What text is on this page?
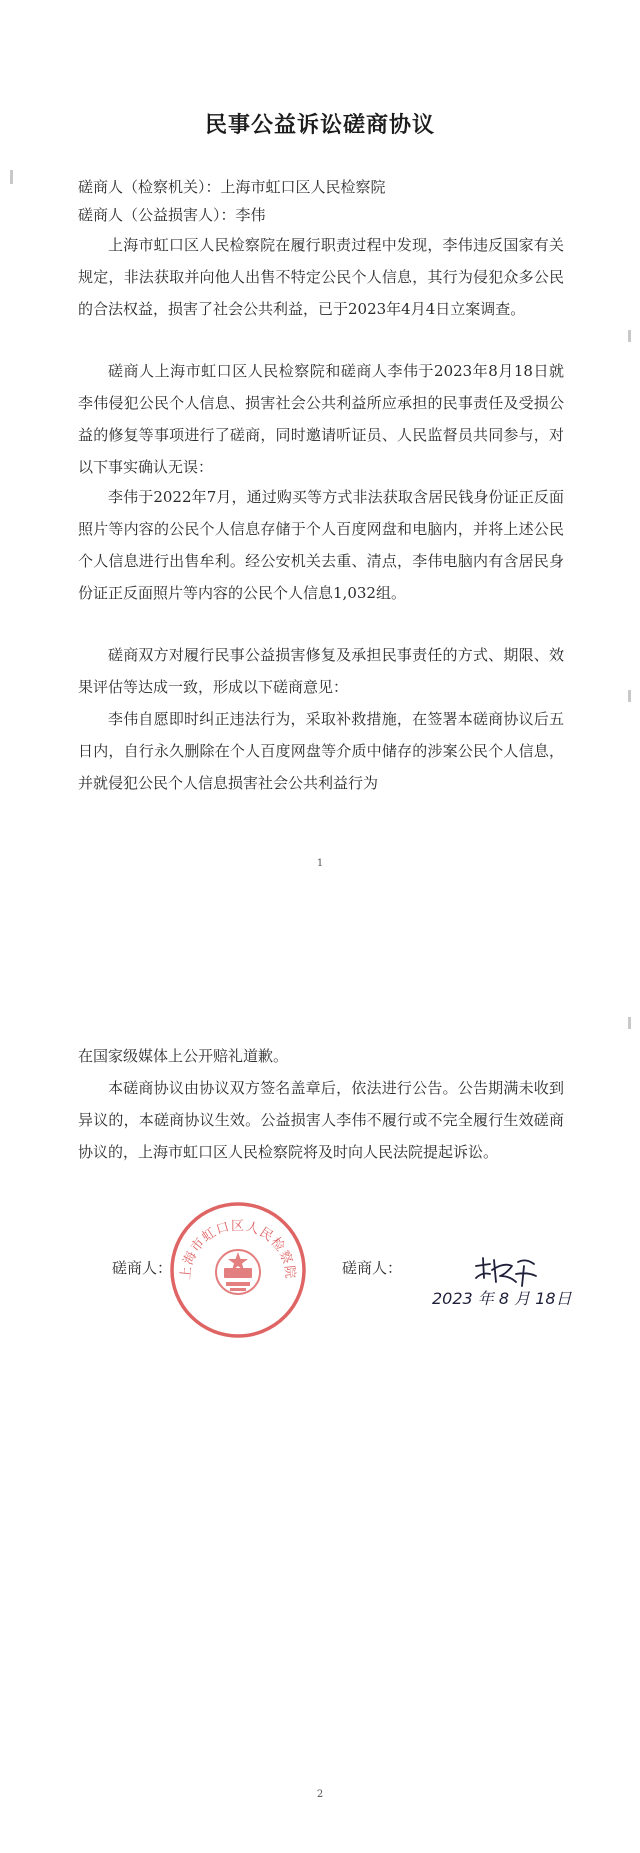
民事公益诉讼磋商协议
磋商人（检察机关）：上海市虹口区人民检察院
磋商人（公益损害人）：李伟

上海市虹口区人民检察院在履行职责过程中发现，李伟违反国家有关规定，非法获取并向他人出售不特定公民个人信息，其行为侵犯众多公民的合法权益，损害了社会公共利益，已于2023年4月4日立案调查。

磋商人上海市虹口区人民检察院和磋商人李伟于2023年8月18日就李伟侵犯公民个人信息、损害社会公共利益所应承担的民事责任及受损公益的修复等事项进行了磋商，同时邀请听证员、人民监督员共同参与，对以下事实确认无误：

李伟于2022年7月，通过购买等方式非法获取含居民钱身份证正反面照片等内容的公民个人信息存储于个人百度网盘和电脑内，并将上述公民个人信息进行出售牟利。经公安机关去重、清点，李伟电脑内有含居民身份证正反面照片等内容的公民个人信息1,032组。

磋商双方对履行民事公益损害修复及承担民事责任的方式、期限、效果评估等达成一致，形成以下磋商意见：

李伟自愿即时纠正违法行为，采取补救措施，在签署本磋商协议后五日内，自行永久删除在个人百度网盘等介质中储存的涉案公民个人信息，并就侵犯公民个人信息损害社会公共利益行为

1
2

在国家级媒体上公开赔礼道歉。

本磋商协议由协议双方签名盖章后，依法进行公告。公告期满未收到异议的，本磋商协议生效。公益损害人李伟不履行或不完全履行生效磋商协议的，上海市虹口区人民检察院将及时向人民法院提起诉讼。

磋商人：	磋商人：
上海市虹口区人民检察院
2023 年 8 月 18日
